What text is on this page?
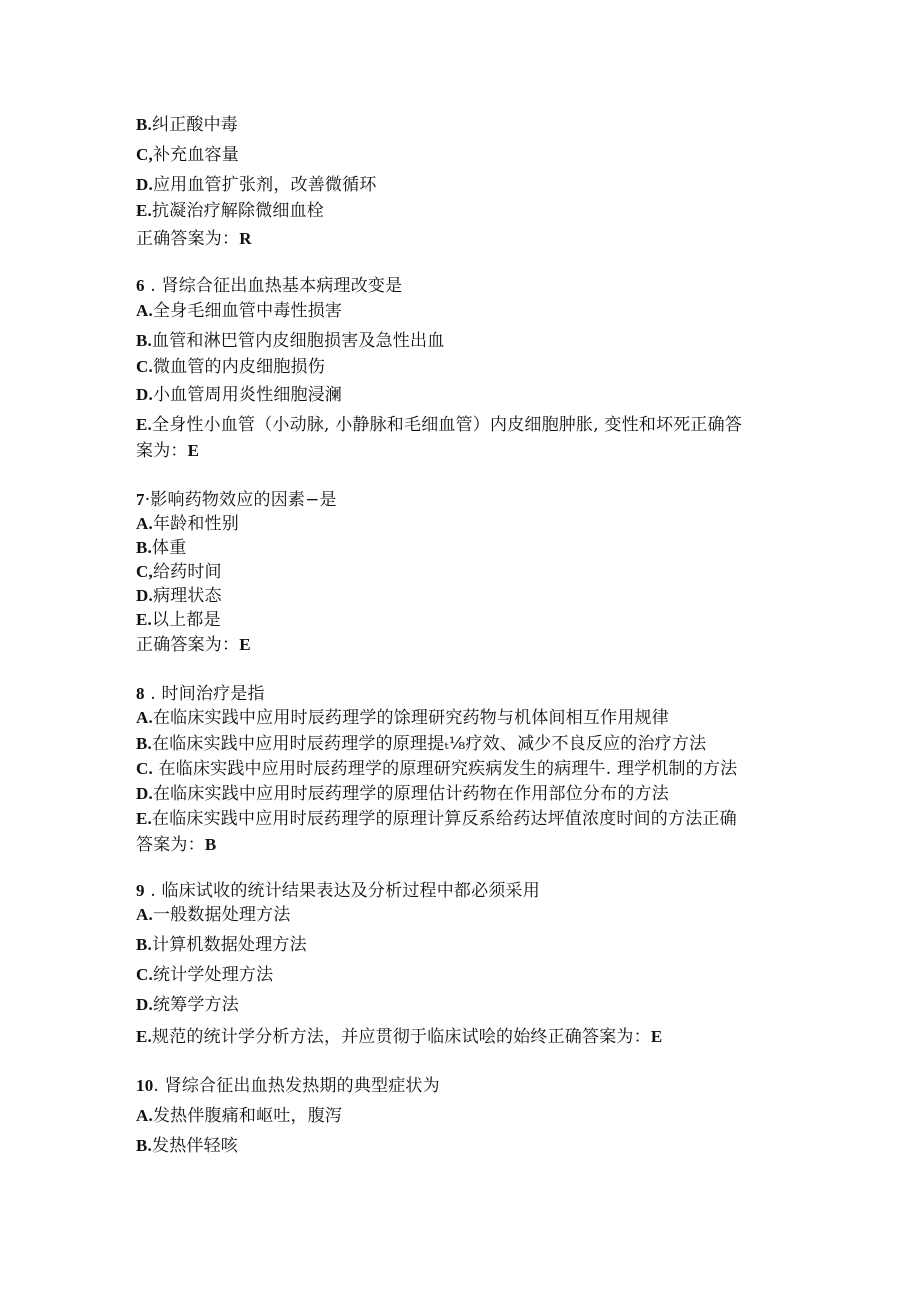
B.纠正酸中毒
C,补充血容量
D.应用血管扩张剂，改善微循环
E.抗凝治疗解除微细血栓
正确答案为：R
6 . 肾综合征出血热基本病理改变是
A.全身毛细血管中毒性损害
B.血管和淋巴管内皮细胞损害及急性出血
C.微血管的内皮细胞损伤
D.小血管周用炎性细胞浸澜
E.全身性小血管（小动脉, 小静脉和毛细血管）内皮细胞肿胀, 变性和坏死正确答
案为：E
7·影响药物效应的因素−是
A.年龄和性别
B.体重
C,给药时间
D.病理状态
E.以上都是
正确答案为：E
8 . 时间治疗是指
A.在临床实践中应用时辰药理学的馀理研究药物与机体间相互作用规律
B.在临床实践中应用时辰药理学的原理提ₜ⅛疗效、减少不良反应的治疗方法
C. 在临床实践中应用时辰药理学的原理研究疾病发生的病理牛. 理学机制的方法
D.在临床实践中应用时辰药理学的原理估计药物在作用部位分布的方法
E.在临床实践中应用时辰药理学的原理计算反系给药达坪值浓度时间的方法正确
答案为：B
9 . 临床试收的统计结果表达及分析过程中都必须采用
A.一般数据处理方法
B.计算机数据处理方法
C.统计学处理方法
D.统筹学方法
E.规范的统计学分析方法，并应贯彻于临床试哙的始终正确答案为：E
10. 肾综合征出血热发热期的典型症状为
A.发热伴腹痛和岖吐，腹泻
B.发热伴轻咳
